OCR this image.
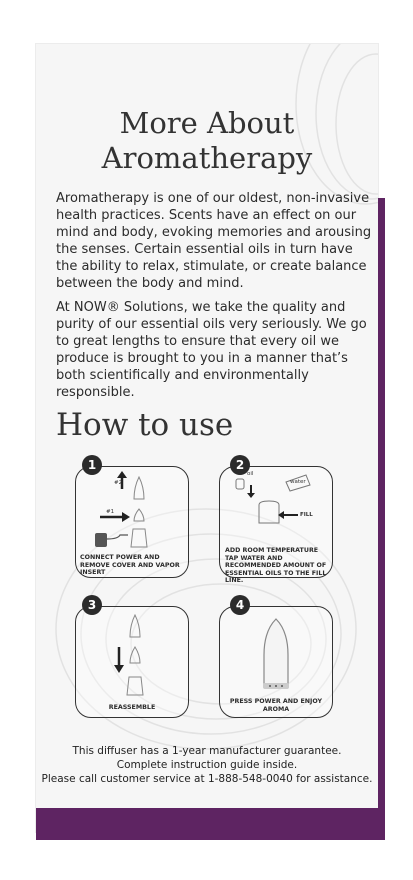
More About
Aromatherapy
Aromatherapy is one of our oldest, non-invasive health practices. Scents have an effect on our mind and body, evoking memories and arousing the senses. Certain essential oils in turn have the ability to relax, stimulate, or create balance between the body and mind.
At NOW® Solutions, we take the quality and purity of our essential oils very seriously. We go to great lengths to ensure that every oil we produce is brought to you in a manner that’s both scientifically and environmentally responsible.
How to use
#2
#1
CONNECT POWER AND REMOVE COVER AND VAPOR INSERT
oil
water
FILL
ADD ROOM TEMPERATURE TAP WATER AND RECOMMENDED AMOUNT OF ESSENTIAL OILS TO THE FILL LINE.
REASSEMBLE
PRESS POWER AND ENJOY AROMA
1	2
3	4
This diffuser has a 1-year manufacturer guarantee.
Complete instruction guide inside.
Please call customer service at 1-888-548-0040 for assistance.
